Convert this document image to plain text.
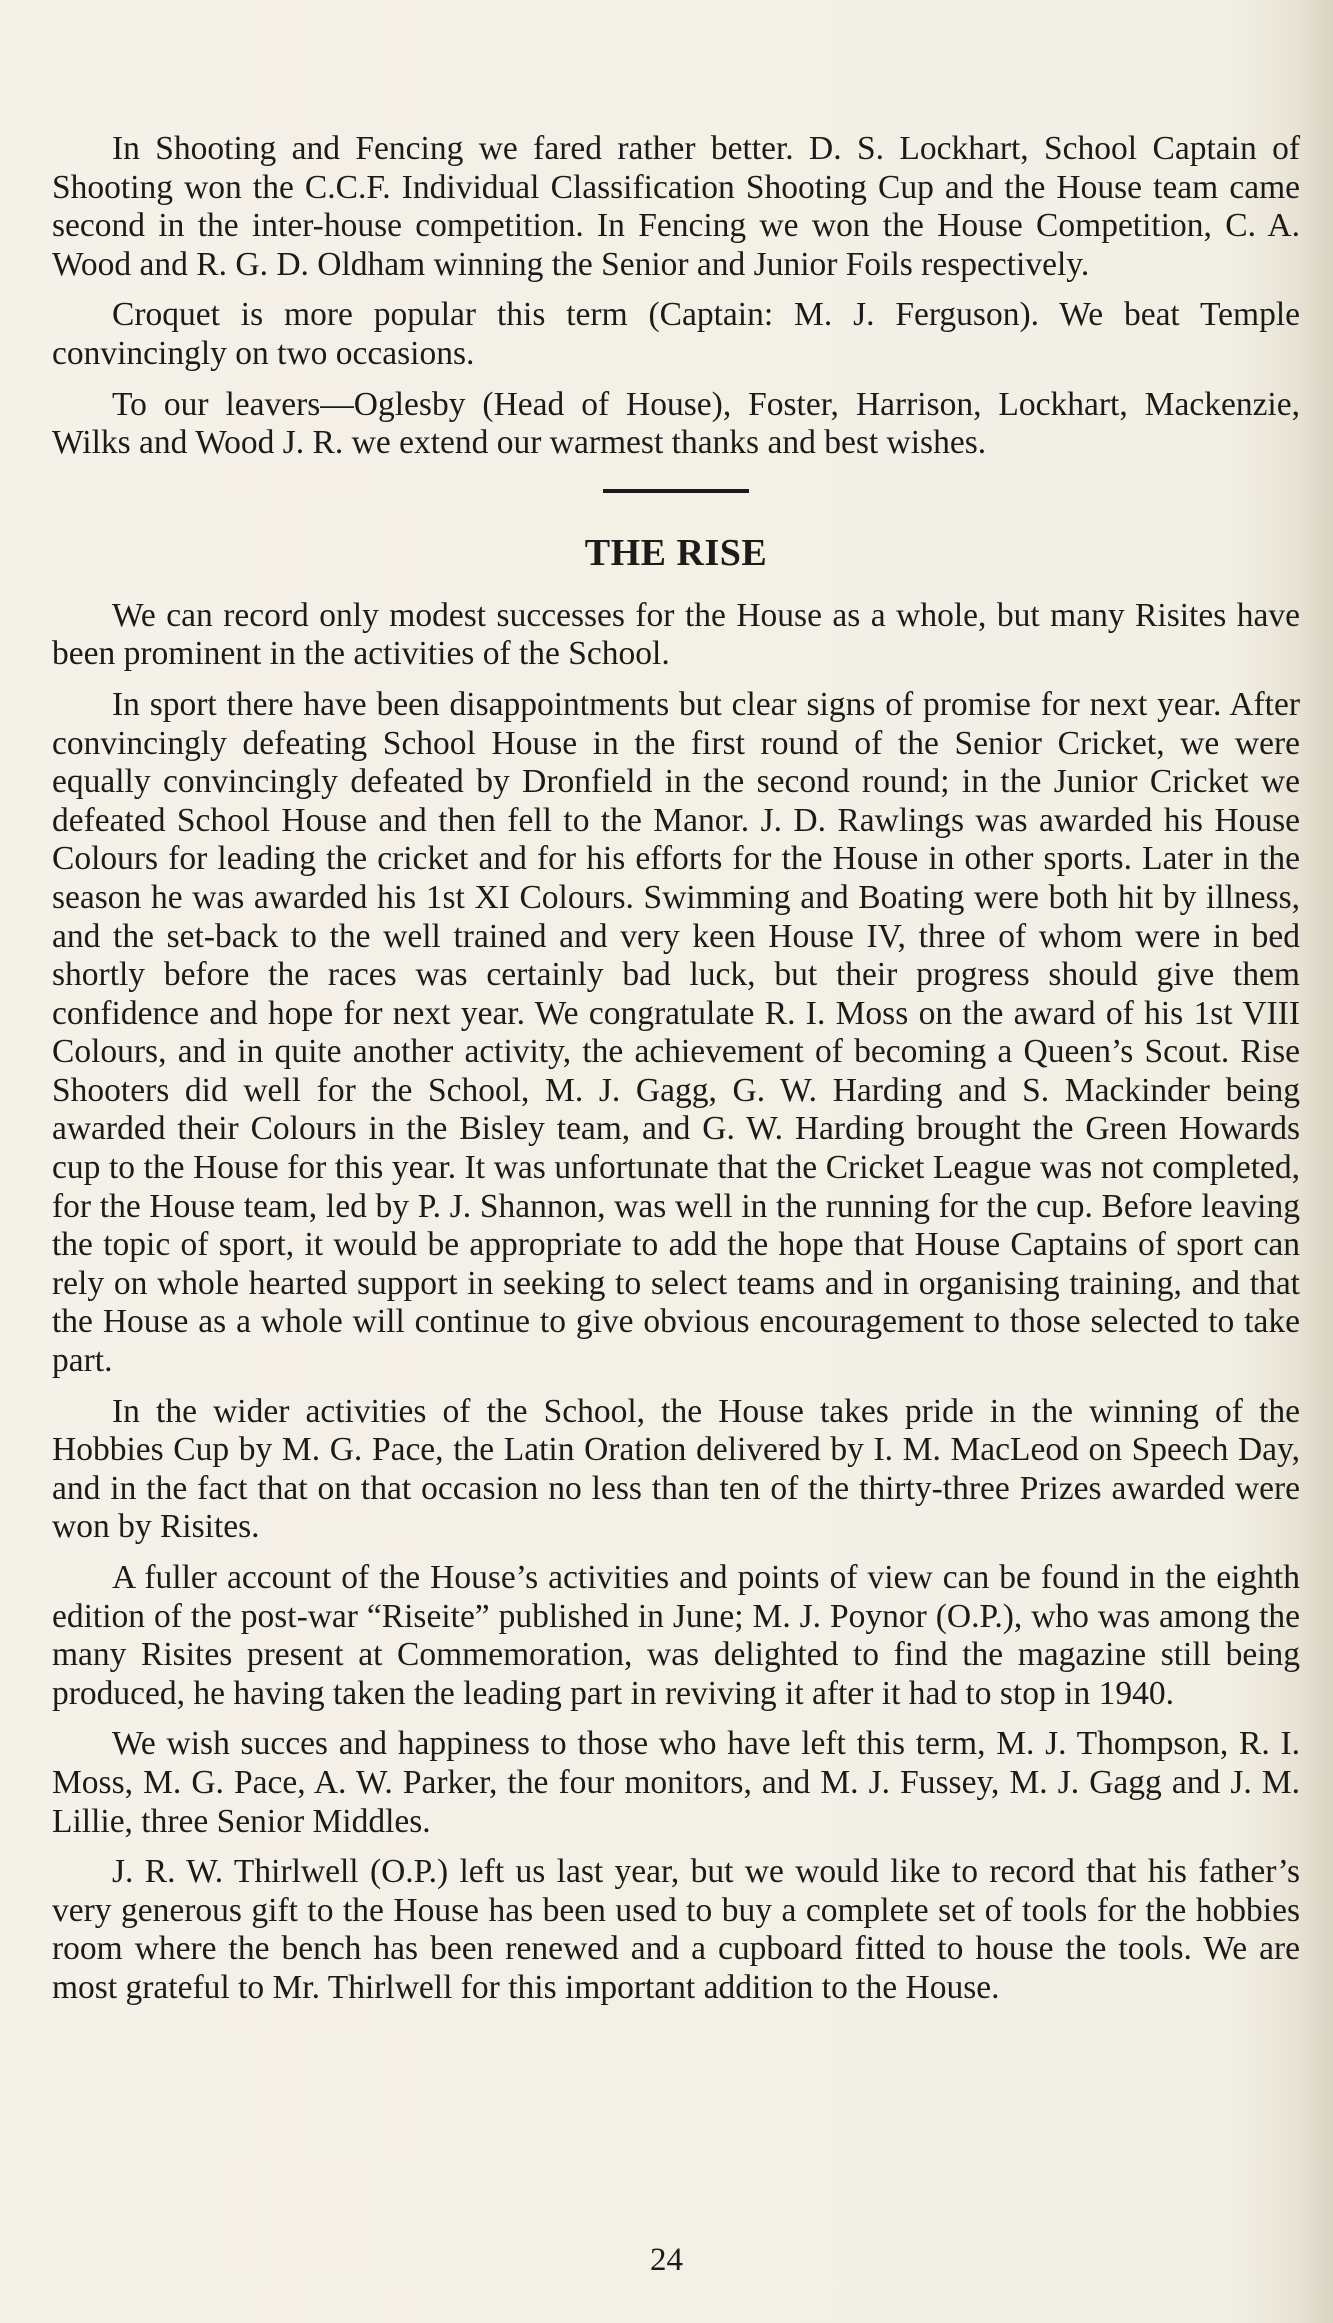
In Shooting and Fencing we fared rather better. D. S. Lockhart, School Captain of Shooting won the C.C.F. Individual Classification Shooting Cup and the House team came second in the inter-house competition. In Fencing we won the House Competition, C. A. Wood and R. G. D. Oldham winning the Senior and Junior Foils respectively.

Croquet is more popular this term (Captain: M. J. Ferguson). We beat Temple convincingly on two occasions.

To our leavers—Oglesby (Head of House), Foster, Harrison, Lockhart, Mackenzie, Wilks and Wood J. R. we extend our warmest thanks and best wishes.

THE RISE

We can record only modest successes for the House as a whole, but many Risites have been prominent in the activities of the School.

In sport there have been disappointments but clear signs of promise for next year. After convincingly defeating School House in the first round of the Senior Cricket, we were equally convincingly defeated by Dronfield in the second round; in the Junior Cricket we defeated School House and then fell to the Manor. J. D. Rawlings was awarded his House Colours for leading the cricket and for his efforts for the House in other sports. Later in the season he was awarded his 1st XI Colours. Swimming and Boating were both hit by illness, and the set-back to the well trained and very keen House IV, three of whom were in bed shortly before the races was certainly bad luck, but their progress should give them confidence and hope for next year. We congratulate R. I. Moss on the award of his 1st VIII Colours, and in quite another activity, the achievement of becoming a Queen’s Scout. Rise Shooters did well for the School, M. J. Gagg, G. W. Harding and S. Mackinder being awarded their Colours in the Bisley team, and G. W. Harding brought the Green Howards cup to the House for this year. It was unfortunate that the Cricket League was not completed, for the House team, led by P. J. Shannon, was well in the running for the cup. Before leaving the topic of sport, it would be appropriate to add the hope that House Captains of sport can rely on whole hearted support in seeking to select teams and in organising training, and that the House as a whole will continue to give obvious encouragement to those selected to take part.

In the wider activities of the School, the House takes pride in the winning of the Hobbies Cup by M. G. Pace, the Latin Oration delivered by I. M. MacLeod on Speech Day, and in the fact that on that occasion no less than ten of the thirty-three Prizes awarded were won by Risites.

A fuller account of the House’s activities and points of view can be found in the eighth edition of the post-war “Riseite” published in June; M. J. Poynor (O.P.), who was among the many Risites present at Commemoration, was delighted to find the magazine still being produced, he having taken the leading part in reviving it after it had to stop in 1940.

We wish succes and happiness to those who have left this term, M. J. Thompson, R. I. Moss, M. G. Pace, A. W. Parker, the four monitors, and M. J. Fussey, M. J. Gagg and J. M. Lillie, three Senior Middles.

J. R. W. Thirlwell (O.P.) left us last year, but we would like to record that his father’s very generous gift to the House has been used to buy a complete set of tools for the hobbies room where the bench has been renewed and a cupboard fitted to house the tools. We are most grateful to Mr. Thirlwell for this important addition to the House.

24
